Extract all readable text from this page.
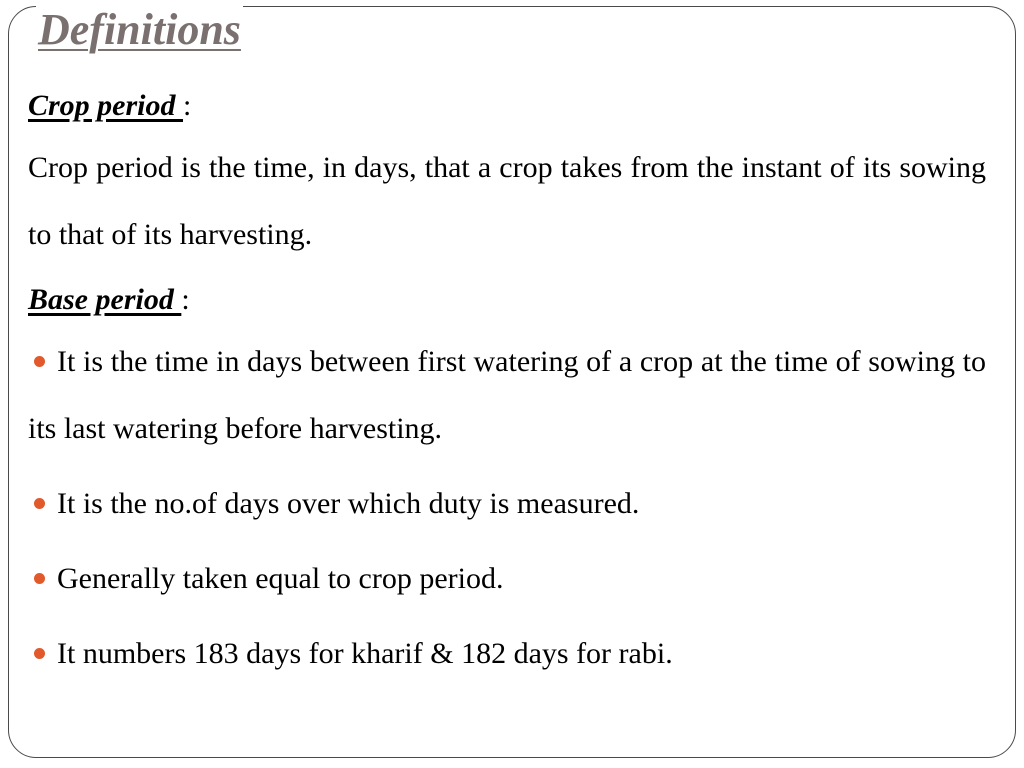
Definitions

Crop period :

Crop period is the time, in days, that a crop takes from the instant of its sowing to that of its harvesting.

Base period :

It is the time in days between first watering of a crop at the time of sowing to its last watering before harvesting.
It is the no.of days over which duty is measured.
Generally taken equal to crop period.
It numbers 183 days for kharif & 182 days for rabi.
